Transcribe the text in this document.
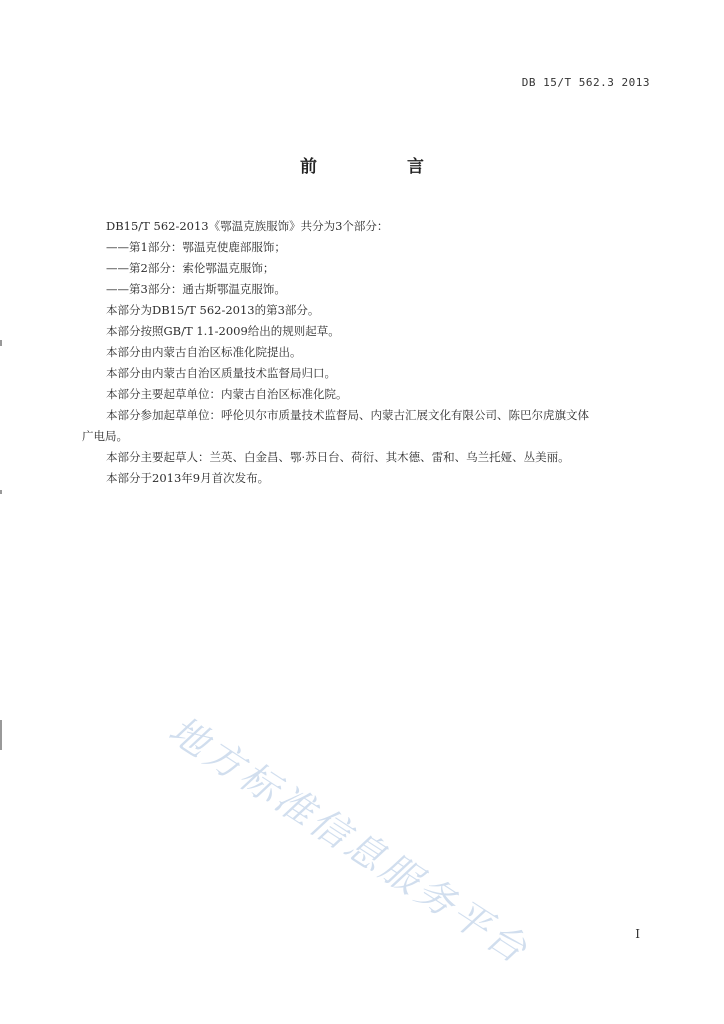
DB 15/T 562.3 2013
前 言

DB15/T 562-2013《鄂温克族服饰》共分为3个部分：

——第1部分：鄂温克使鹿部服饰；

——第2部分：索伦鄂温克服饰；

——第3部分：通古斯鄂温克服饰。

本部分为DB15/T 562-2013的第3部分。

本部分按照GB/T 1.1-2009给出的规则起草。

本部分由内蒙古自治区标准化院提出。

本部分由内蒙古自治区质量技术监督局归口。

本部分主要起草单位：内蒙古自治区标准化院。

本部分参加起草单位：呼伦贝尔市质量技术监督局、内蒙古汇展文化有限公司、陈巴尔虎旗文体
广电局。

本部分主要起草人：兰英、白金昌、鄂·苏日台、荷衍、其木德、雷和、乌兰托娅、丛美丽。

本部分于2013年9月首次发布。

地方标准信息服务平台	I
